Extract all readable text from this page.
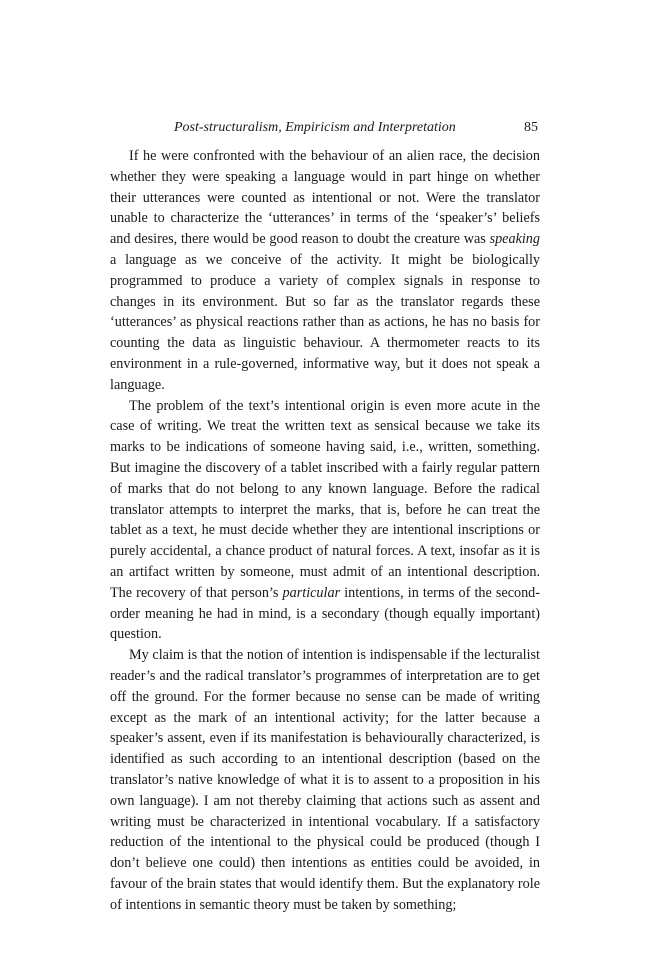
Post-structuralism, Empiricism and Interpretation	85

If he were confronted with the behaviour of an alien race, the decision whether they were speaking a language would in part hinge on whether their utterances were counted as intentional or not. Were the translator unable to characterize the ‘utterances’ in terms of the ‘speaker’s’ beliefs and desires, there would be good reason to doubt the creature was speaking a language as we conceive of the activity. It might be biologically programmed to produce a variety of complex signals in response to changes in its environment. But so far as the translator regards these ‘utterances’ as physical reactions rather than as actions, he has no basis for counting the data as linguistic behaviour. A thermometer reacts to its environment in a rule-governed, informative way, but it does not speak a language.

The problem of the text’s intentional origin is even more acute in the case of writing. We treat the written text as sensical because we take its marks to be indications of someone having said, i.e., written, something. But imagine the discovery of a tablet inscribed with a fairly regular pattern of marks that do not belong to any known language. Before the radical translator attempts to interpret the marks, that is, before he can treat the tablet as a text, he must decide whether they are intentional inscriptions or purely accidental, a chance product of natural forces. A text, insofar as it is an artifact written by someone, must admit of an intentional description. The recovery of that person’s particular intentions, in terms of the second-order meaning he had in mind, is a secondary (though equally important) question.

My claim is that the notion of intention is indispensable if the lecturalist reader’s and the radical translator’s programmes of interpretation are to get off the ground. For the former because no sense can be made of writing except as the mark of an intentional activity; for the latter because a speaker’s assent, even if its manifestation is behaviourally characterized, is identified as such according to an intentional description (based on the translator’s native knowledge of what it is to assent to a proposition in his own language). I am not thereby claiming that actions such as assent and writing must be characterized in intentional vocabulary. If a satisfactory reduction of the intentional to the physical could be produced (though I don’t believe one could) then intentions as entities could be avoided, in favour of the brain states that would identify them. But the explanatory role of intentions in semantic theory must be taken by something;
